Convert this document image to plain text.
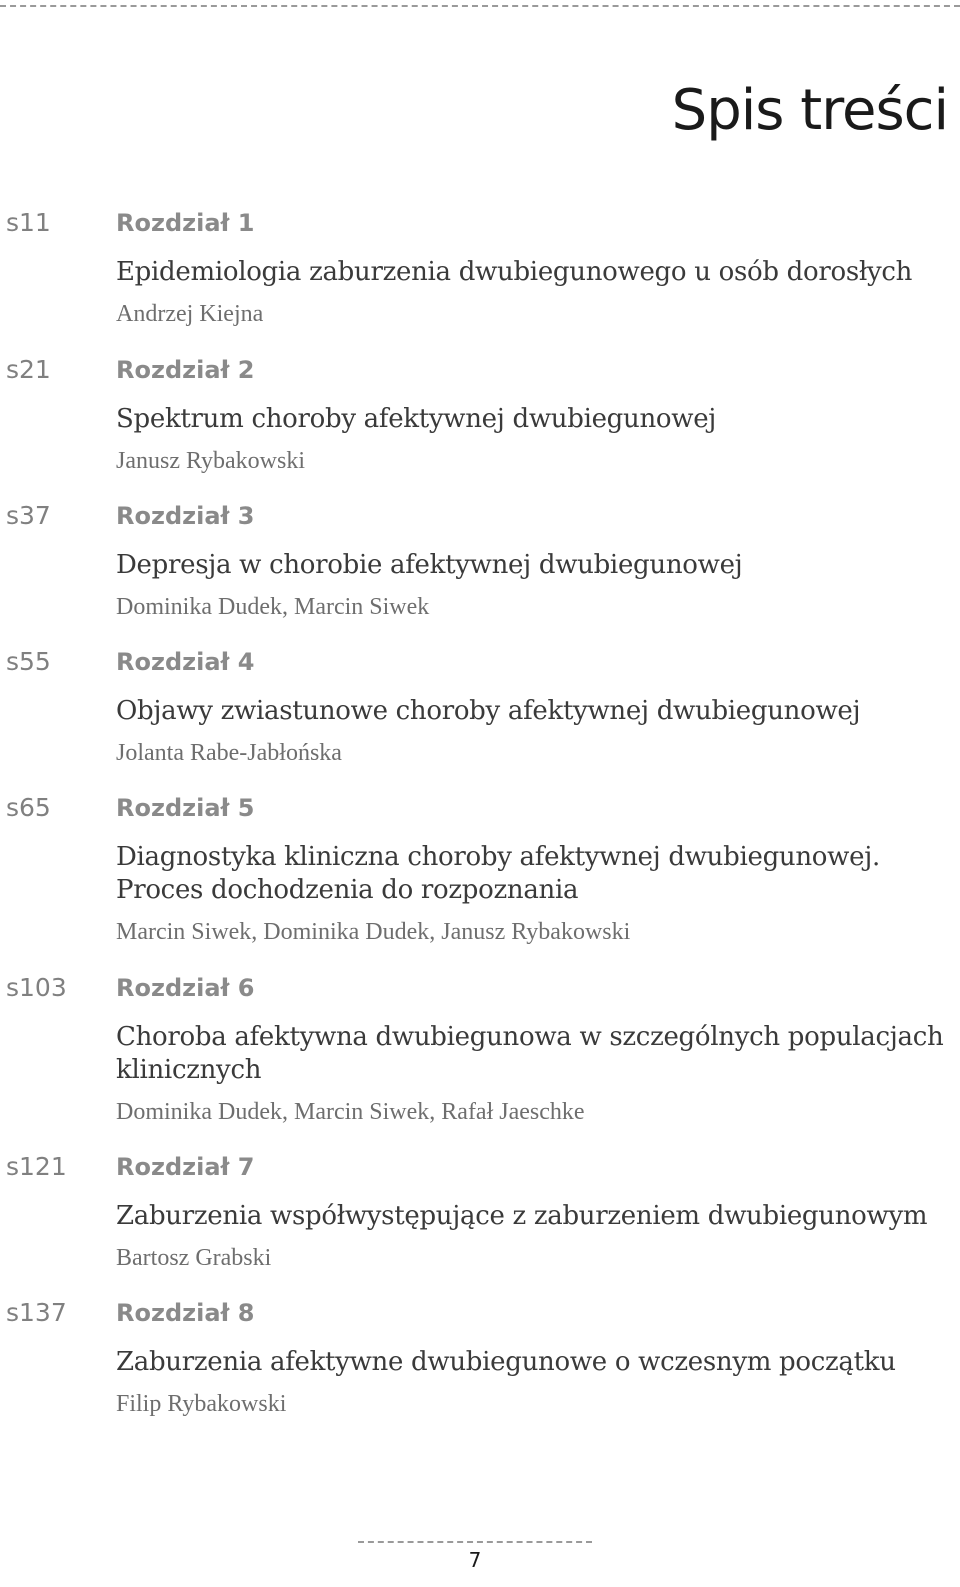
Spis treści
s11	Rozdział 1
Epidemiologia zaburzenia dwubiegunowego u osób dorosłych
Andrzej Kiejna
s21	Rozdział 2
Spektrum choroby afektywnej dwubiegunowej
Janusz Rybakowski
s37	Rozdział 3
Depresja w chorobie afektywnej dwubiegunowej
Dominika Dudek, Marcin Siwek
s55	Rozdział 4
Objawy zwiastunowe choroby afektywnej dwubiegunowej
Jolanta Rabe-Jabłońska
s65	Rozdział 5
Diagnostyka kliniczna choroby afektywnej dwubiegunowej. Proces dochodzenia do rozpoznania
Marcin Siwek, Dominika Dudek, Janusz Rybakowski
s103 Rozdział 6
Choroba afektywna dwubiegunowa w szczególnych populacjach klinicznych
Dominika Dudek, Marcin Siwek, Rafał Jaeschke
s121 Rozdział 7
Zaburzenia współwystępujące z zaburzeniem dwubiegunowym
Bartosz Grabski
s137 Rozdział 8
Zaburzenia afektywne dwubiegunowe o wczesnym początku
Filip Rybakowski
7
